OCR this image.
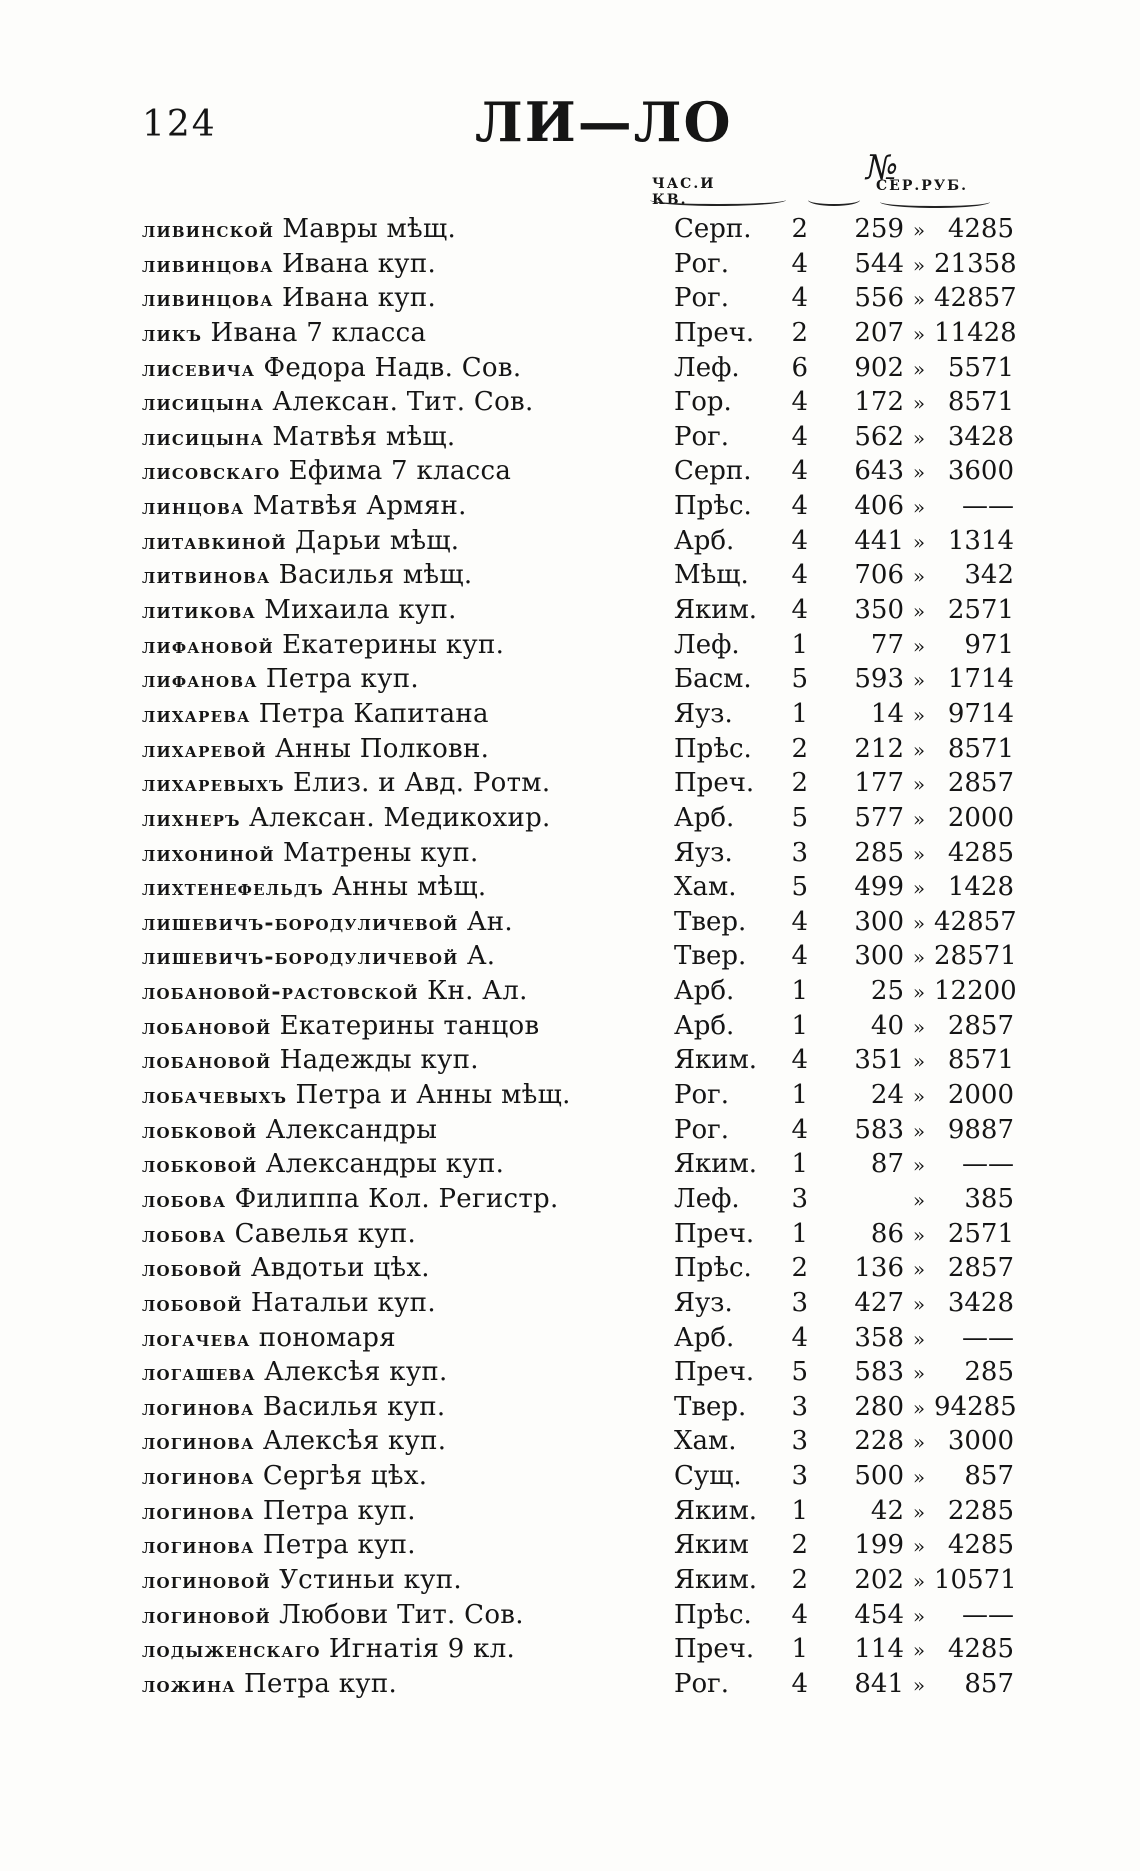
124	ЛИ—ЛО
ЧАС.И КВ.
№
СЕР.РУБ.
ливинской Мавры мѣщ.	Серп.	2	259 » 4285
ливинцова Ивана куп.	Рог.	4	544 » 21358
ливинцова Ивана куп.	Рог.	4	556 » 42857
ликъ Ивана 7 класса	Преч.	2	207 » 11428
лисевича Федора Надв. Сов.	Леф.	6	902 » 5571
лисицына Алексан. Тит. Сов.	Гор.	4	172 » 8571
лисицына Матвѣя мѣщ.	Рог.	4	562 » 3428
лисовскаго Ефима 7 класса	Серп.	4	643 » 3600
линцова Матвѣя Армян.	Прѣс.	4	406 »	——
литавкиной Дарьи мѣщ.	Арб.	4	441 » 1314
литвинова Василья мѣщ.	Мѣщ.	4	706 »	342
литикова Михаила куп.	Яким.	4	350 » 2571
лифановой Екатерины куп.	Леф.	1	77 »	971
лифанова Петра куп.	Басм.	5	593 » 1714
лихарева Петра Капитана	Яуз.	1	14 » 9714
лихаревой Анны Полковн.	Прѣс.	2	212 » 8571
лихаревыхъ Елиз. и Авд. Ротм.	Преч.	2	177 » 2857
лихнеръ Алексан. Медикохир.	Арб.	5	577 » 2000
лихониной Матрены куп.	Яуз.	3	285 » 4285
лихтенефельдъ Анны мѣщ.	Хам.	5	499 » 1428
лишевичъ-бородуличевой Ан.	Твер.	4	300 » 42857
лишевичъ-бородуличевой А.	Твер.	4	300 » 28571
лобановой-растовской Кн. Ал.	Арб.	1	25 » 12200
лобановой Екатерины танцов	Арб.	1	40 » 2857
лобановой Надежды куп.	Яким.	4	351 » 8571
лобачевыхъ Петра и Анны мѣщ.	Рог.	1	24 » 2000
лобковой Александры	Рог.	4	583 » 9887
лобковой Александры куп.	Яким.	1	87 »	——
лобова Филиппа Кол. Регистр.	Леф.	3	»	385
лобова Савелья куп.	Преч.	1	86 » 2571
лобовой Авдотьи цѣх.	Прѣс.	2	136 » 2857
лобовой Натальи куп.	Яуз.	3	427 » 3428
логачева пономаря	Арб.	4	358 »	——
логашева Алексѣя куп.	Преч.	5	583 »	285
логинова Василья куп.	Твер.	3	280 » 94285
логинова Алексѣя куп.	Хам.	3	228 » 3000
логинова Сергѣя цѣх.	Сущ.	3	500 »	857
логинова Петра куп.	Яким.	1	42 » 2285
логинова Петра куп.	Яким	2	199 » 4285
логиновой Устиньи куп.	Яким.	2	202 » 10571
логиновой Любови Тит. Сов.	Прѣс.	4	454 »	——
лодыженскаго Игнатія 9 кл.	Преч.	1	114 » 4285
ложина Петра куп.	Рог.	4	841 »	857
